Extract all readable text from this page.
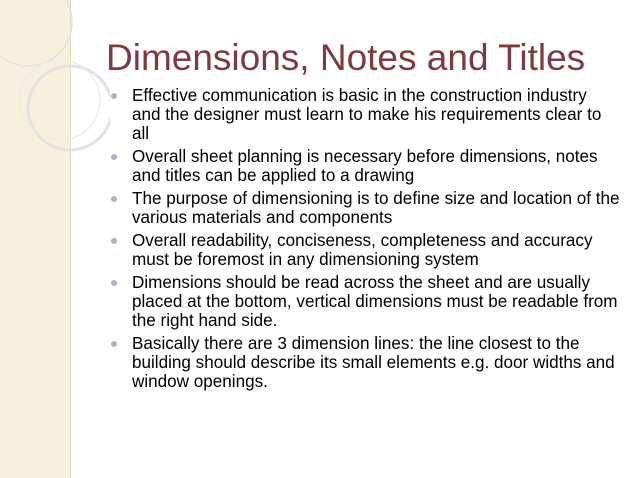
Dimensions, Notes and Titles
Effective communication is basic in the construction industry and the designer must learn to make his requirements clear to all
Overall sheet planning is necessary before dimensions, notes and titles can be applied to a drawing
The purpose of dimensioning is to define size and location of the various materials and components
Overall readability, conciseness, completeness and accuracy must be foremost in any dimensioning system
Dimensions should be read across the sheet and are usually placed at the bottom, vertical dimensions must be readable from the right hand side.
Basically there are 3 dimension lines: the line closest to the building should describe its small elements e.g. door widths and window openings.
